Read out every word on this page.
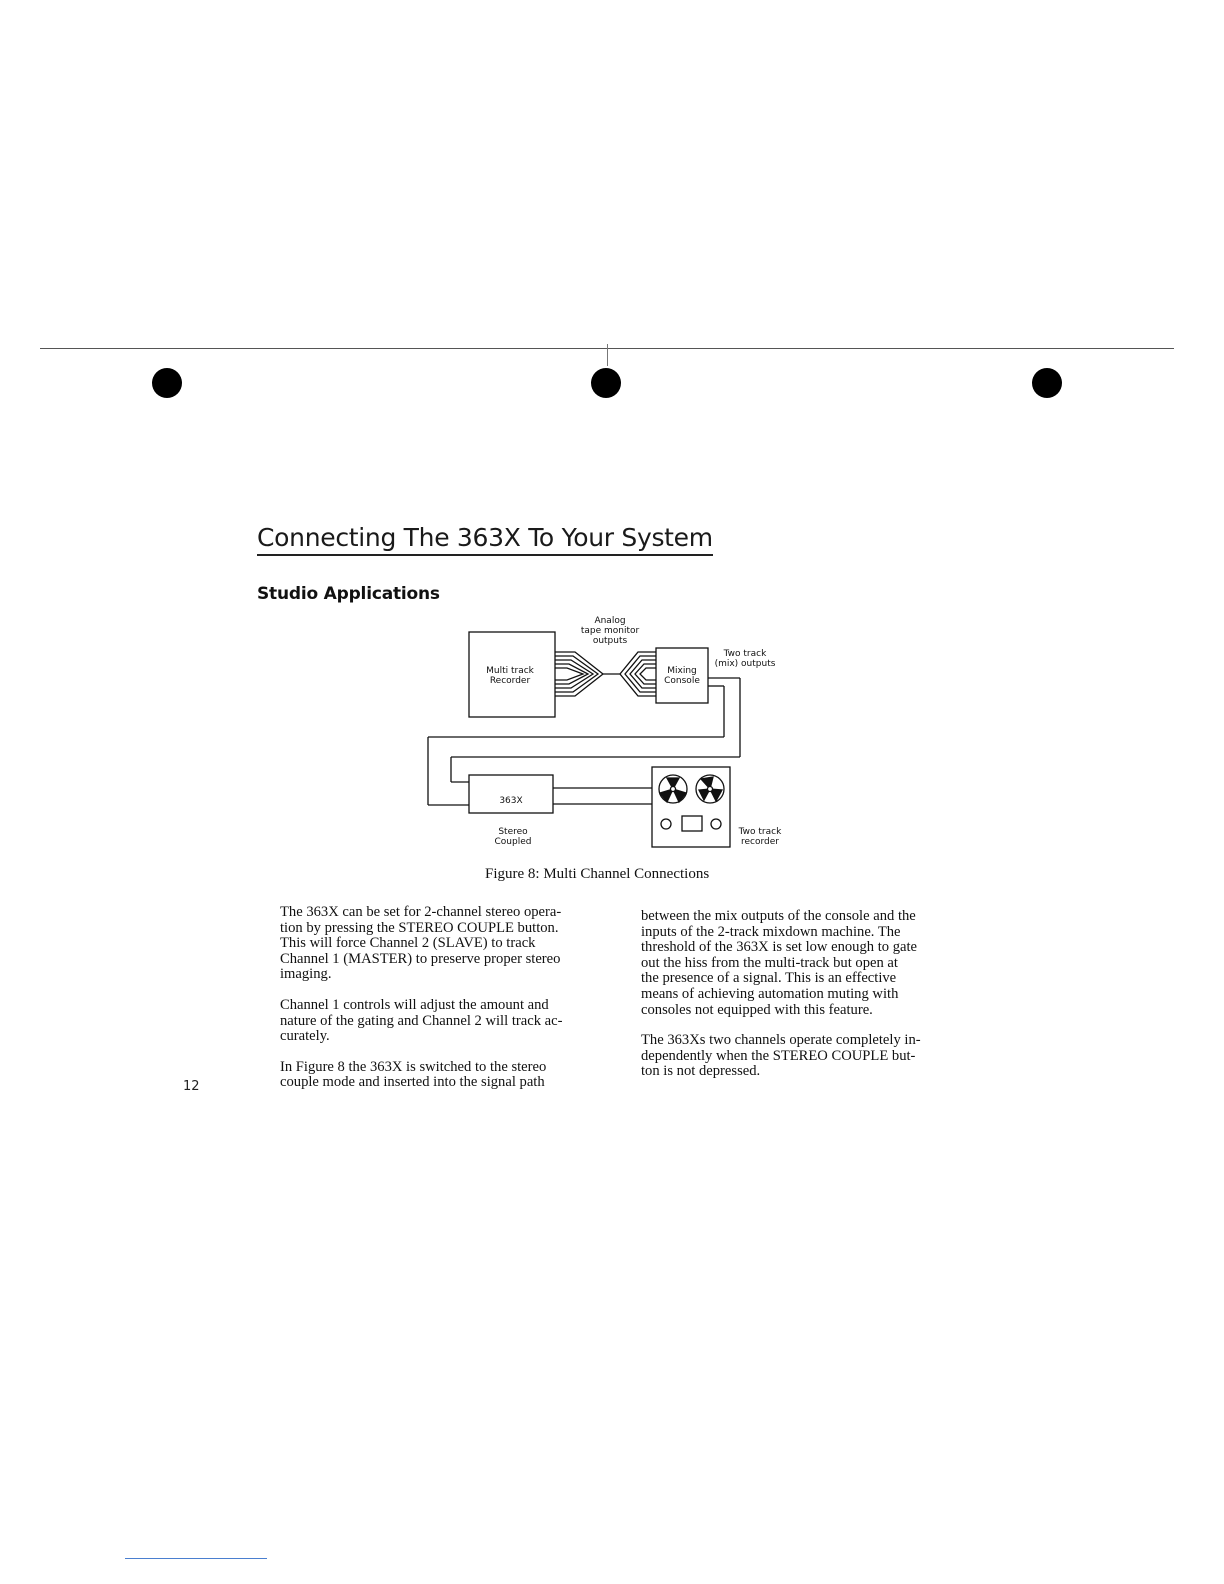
Connecting The 363X To Your System
Studio Applications
Analog
tape monitor
outputs
Multi track
Recorder
Mixing
Console
Two track
(mix) outputs
363X
Stereo
Coupled
Two track
recorder
Figure 8: Multi Channel Connections

The 363X can be set for 2-channel stereo opera-
tion by pressing the STEREO COUPLE button.
This will force Channel 2 (SLAVE) to track
Channel 1 (MASTER) to preserve proper stereo
imaging.

Channel 1 controls will adjust the amount and
nature of the gating and Channel 2 will track ac-
curately.

In Figure 8 the 363X is switched to the stereo
couple mode and inserted into the signal path

between the mix outputs of the console and the
inputs of the 2-track mixdown machine. The
threshold of the 363X is set low enough to gate
out the hiss from the multi-track but open at
the presence of a signal. This is an effective
means of achieving automation muting with
consoles not equipped with this feature.

The 363Xs two channels operate completely in-
dependently when the STEREO COUPLE but-
ton is not depressed.

12
